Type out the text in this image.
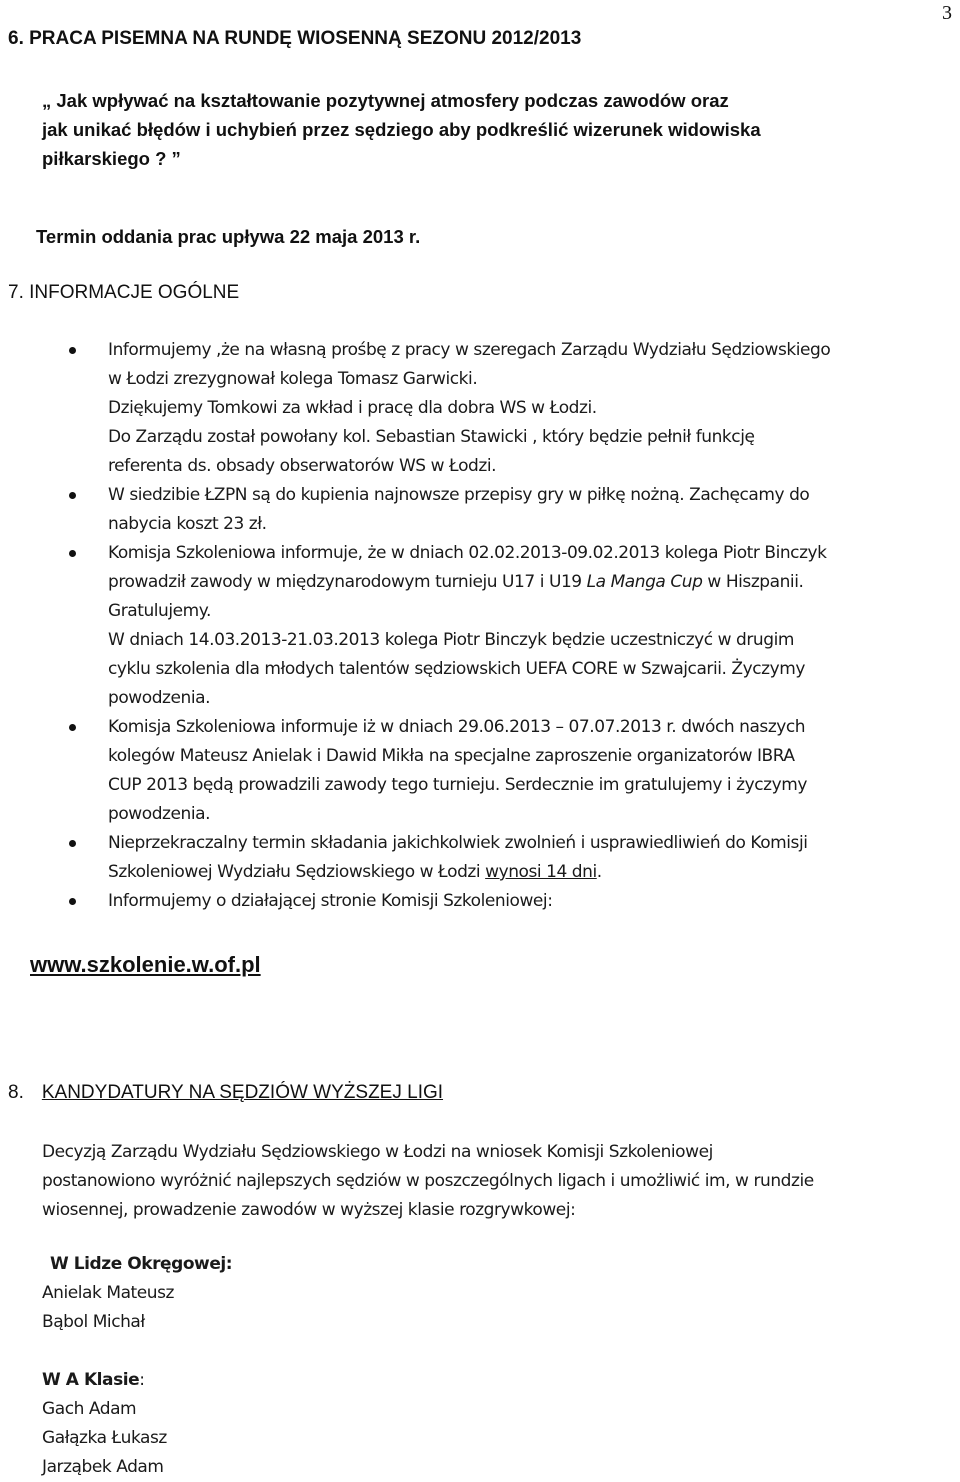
3
6. PRACA PISEMNA NA RUNDĘ WIOSENNĄ SEZONU 2012/2013
„ Jak wpływać na kształtowanie pozytywnej atmosfery podczas zawodów oraz
jak unikać błędów i uchybień przez sędziego aby podkreślić wizerunek widowiska
piłkarskiego ? ”
Termin oddania prac upływa 22 maja 2013 r.
7. INFORMACJE OGÓLNE
Informujemy ,że na własną prośbę z pracy w szeregach Zarządu Wydziału Sędziowskiego
w Łodzi zrezygnował kolega Tomasz Garwicki.
Dziękujemy Tomkowi za wkład i pracę dla dobra WS w Łodzi.
Do Zarządu został powołany kol. Sebastian Stawicki , który będzie pełnił funkcję
referenta ds. obsady obserwatorów WS w Łodzi.
W siedzibie ŁZPN są do kupienia najnowsze przepisy gry w piłkę nożną. Zachęcamy do
nabycia koszt 23 zł.
Komisja Szkoleniowa informuje, że w dniach 02.02.2013-09.02.2013 kolega Piotr Binczyk
prowadził zawody w międzynarodowym turnieju U17 i U19 La Manga Cup w Hiszpanii.
Gratulujemy.
W dniach 14.03.2013-21.03.2013 kolega Piotr Binczyk będzie uczestniczyć w drugim
cyklu szkolenia dla młodych talentów sędziowskich UEFA CORE w Szwajcarii. Życzymy
powodzenia.
Komisja Szkoleniowa informuje iż w dniach 29.06.2013 – 07.07.2013 r. dwóch naszych
kolegów Mateusz Anielak i Dawid Mikła na specjalne zaproszenie organizatorów IBRA
CUP 2013 będą prowadzili zawody tego turnieju. Serdecznie im gratulujemy i życzymy
powodzenia.
Nieprzekraczalny termin składania jakichkolwiek zwolnień i usprawiedliwień do Komisji
Szkoleniowej Wydziału Sędziowskiego w Łodzi wynosi 14 dni.
Informujemy o działającej stronie Komisji Szkoleniowej:
www.szkolenie.w.of.pl
8. KANDYDATURY NA SĘDZIÓW WYŻSZEJ LIGI
Decyzją Zarządu Wydziału Sędziowskiego w Łodzi na wniosek Komisji Szkoleniowej
postanowiono wyróżnić najlepszych sędziów w poszczególnych ligach i umożliwić im, w rundzie
wiosennej, prowadzenie zawodów w wyższej klasie rozgrywkowej:
W Lidze Okręgowej:
Anielak Mateusz
Bąbol Michał
W A Klasie:
Gach Adam
Gałązka Łukasz
Jarząbek Adam
